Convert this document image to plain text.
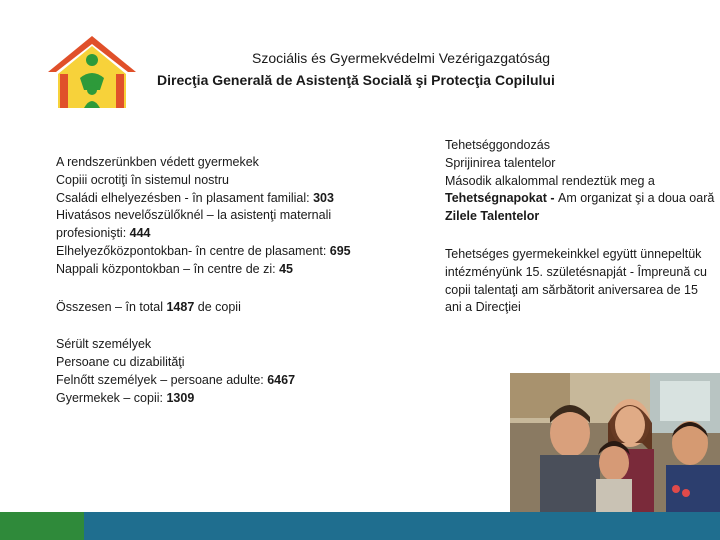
Szociális és Gyermekvédelmi Vezérigazgatóság
Direcţia Generală de Asistenţă Socială şi Protecţia Copilului
A rendszerünkben védett gyermekek
Copiii ocrotiţi în sistemul nostru
Családi elhelyezésben - în plasament familial: 303
Hivatásos nevelőszülőknél – la asistenţi maternali profesionişti: 444
Elhelyezőközpontokban- în centre de plasament: 695
Nappali központokban – în centre de zi: 45
Összesen – în total 1487 de copii
Sérült személyek
Persoane cu dizabilităţi
Felnőtt személyek – persoane adulte: 6467
Gyermekek – copii: 1309
Tehetséggondozás
Sprijinirea talentelor
Második alkalommal rendeztük meg a Tehetségnapokat - Am organizat şi a doua oară Zilele Talentelor
Tehetséges gyermekeinkkel együtt ünnepeltük intézményünk 15. születésnapját - Împreună cu copii talentaţi am sărbătorit aniversarea de 15 ani a Direcţiei
